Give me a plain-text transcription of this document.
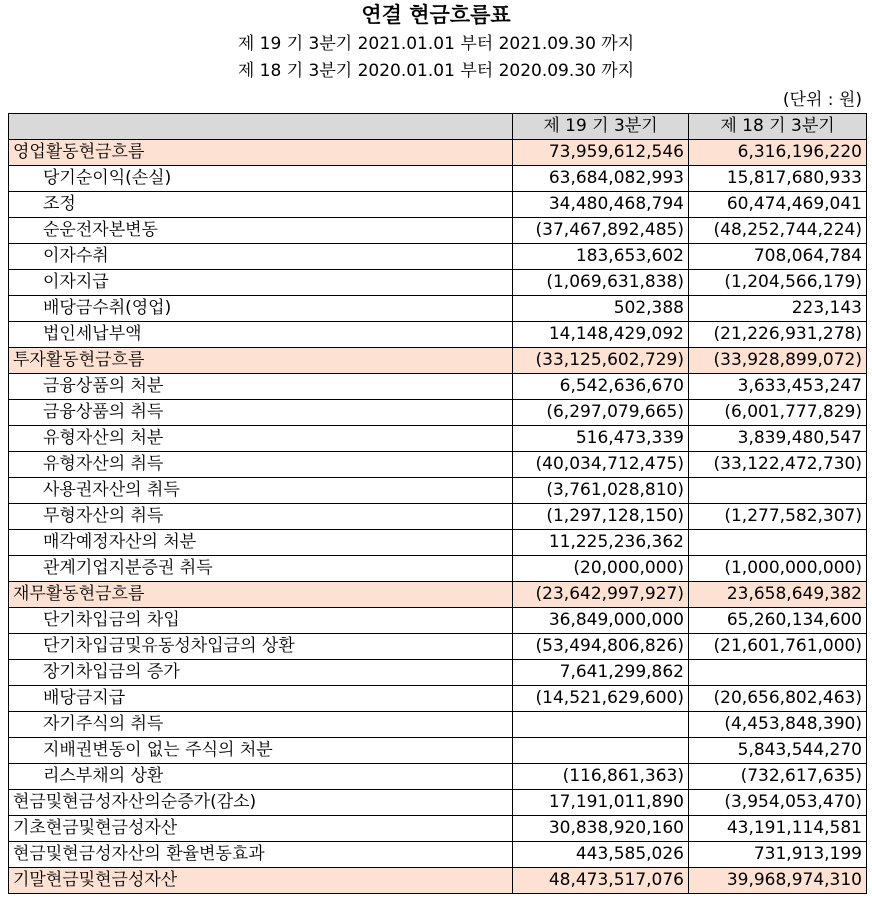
연결 현금흐름표
제 19 기 3분기 2021.01.01 부터 2021.09.30 까지
제 18 기 3분기 2020.01.01 부터 2020.09.30 까지
(단위 : 원)
	제 19 기 3분기	제 18 기 3분기
영업활동현금흐름	73,959,612,546	6,316,196,220
당기순이익(손실)	63,684,082,993	15,817,680,933
조정	34,480,468,794	60,474,469,041
순운전자본변동	(37,467,892,485)	(48,252,744,224)
이자수취	183,653,602	708,064,784
이자지급	(1,069,631,838)	(1,204,566,179)
배당금수취(영업)	502,388	223,143
법인세납부액	14,148,429,092	(21,226,931,278)
투자활동현금흐름	(33,125,602,729)	(33,928,899,072)
금융상품의 처분	6,542,636,670	3,633,453,247
금융상품의 취득	(6,297,079,665)	(6,001,777,829)
유형자산의 처분	516,473,339	3,839,480,547
유형자산의 취득	(40,034,712,475)	(33,122,472,730)
사용권자산의 취득	(3,761,028,810)	
무형자산의 취득	(1,297,128,150)	(1,277,582,307)
매각예정자산의 처분	11,225,236,362	
관계기업지분증권 취득	(20,000,000)	(1,000,000,000)
재무활동현금흐름	(23,642,997,927)	23,658,649,382
단기차입금의 차입	36,849,000,000	65,260,134,600
단기차입금및유동성차입금의 상환	(53,494,806,826)	(21,601,761,000)
장기차입금의 증가	7,641,299,862	
배당금지급	(14,521,629,600)	(20,656,802,463)
자기주식의 취득		(4,453,848,390)
지배권변동이 없는 주식의 처분		5,843,544,270
리스부채의 상환	(116,861,363)	(732,617,635)
현금및현금성자산의순증가(감소)	17,191,011,890	(3,954,053,470)
기초현금및현금성자산	30,838,920,160	43,191,114,581
현금및현금성자산의 환율변동효과	443,585,026	731,913,199
기말현금및현금성자산	48,473,517,076	39,968,974,310
